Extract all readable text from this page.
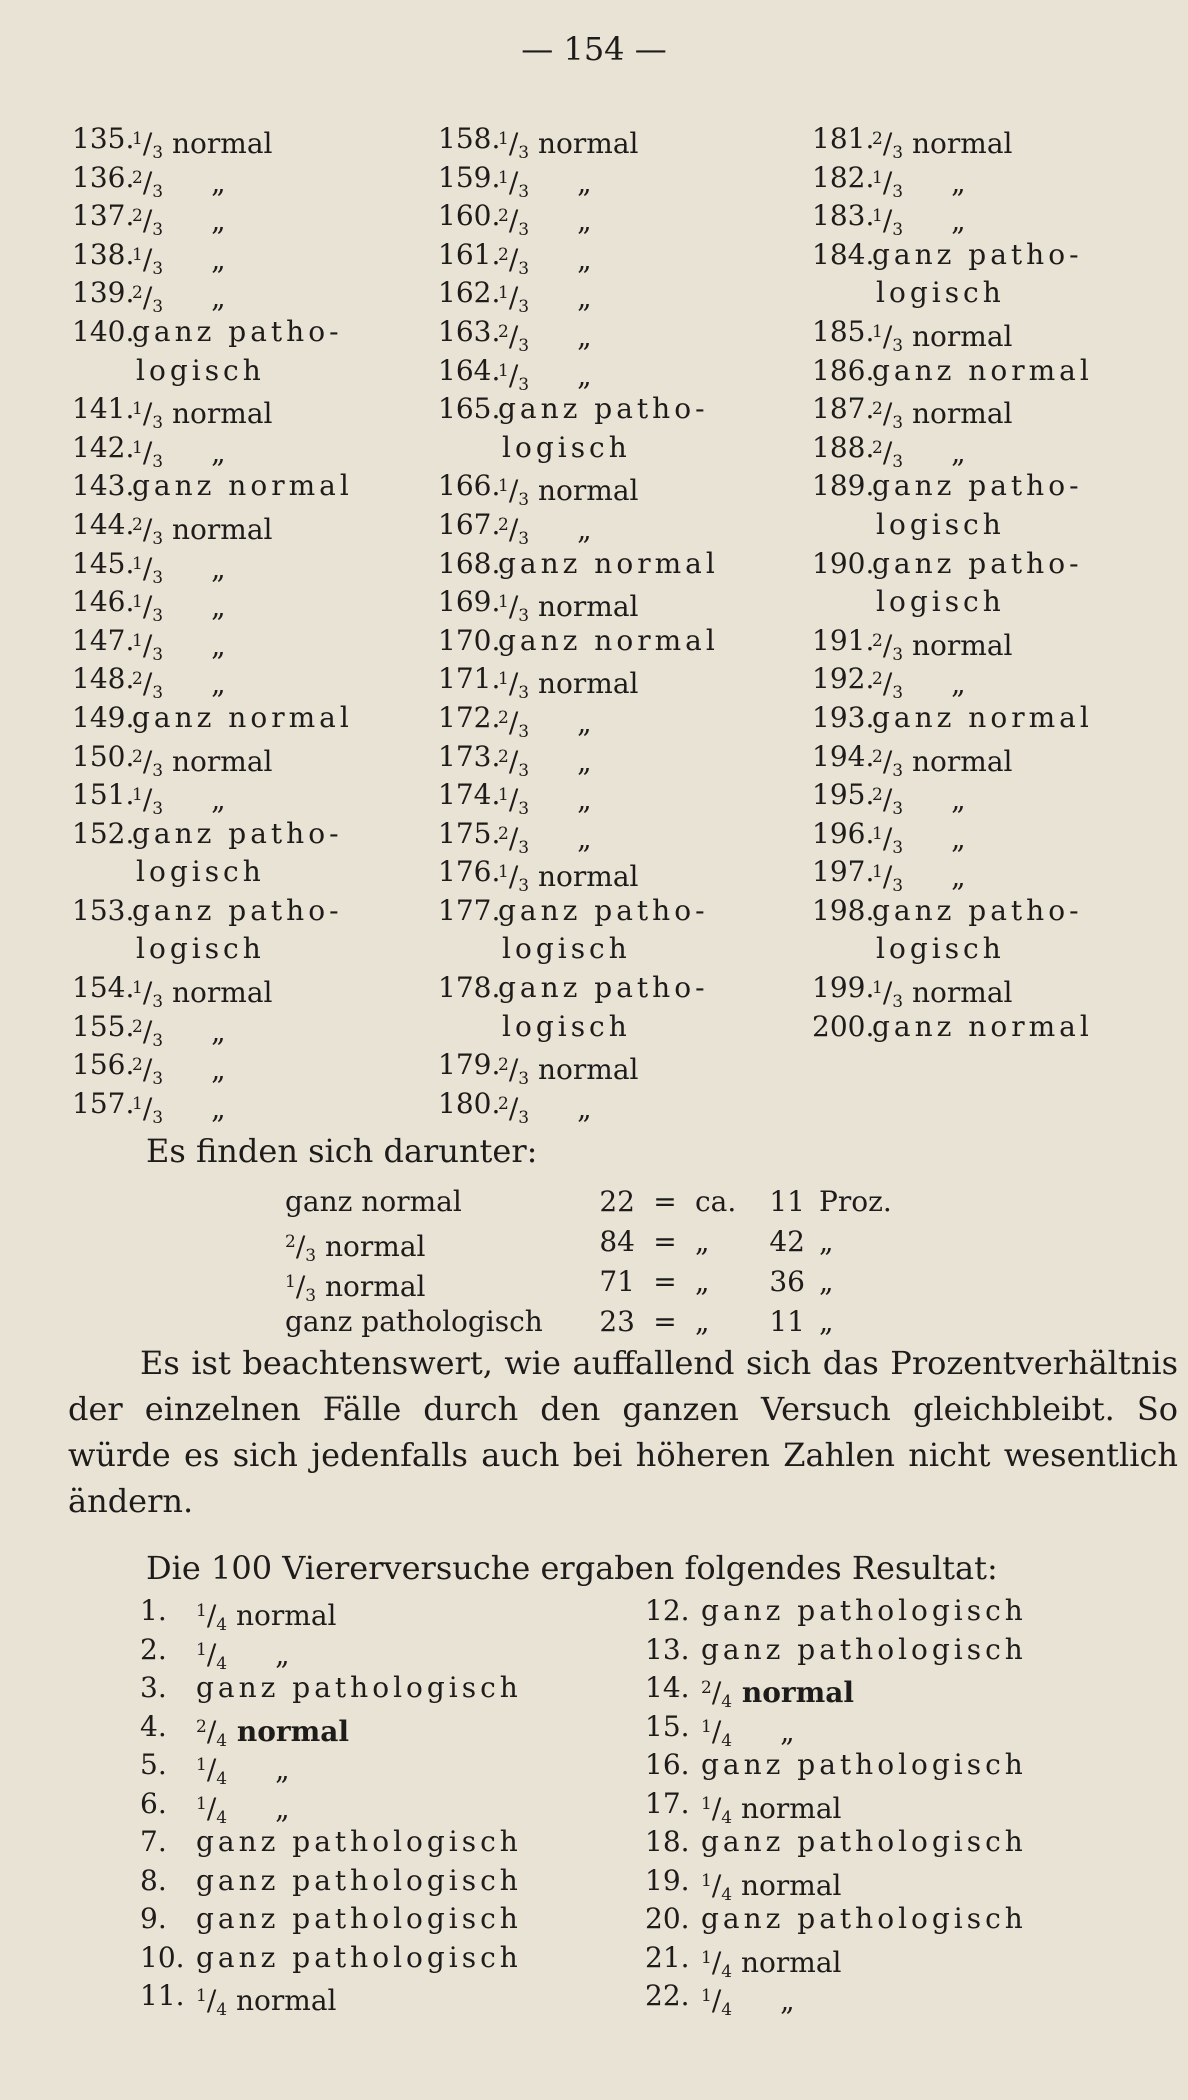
— 154 —
135.
$^1/_3$ normal
136.
$^2/_3$ „
137.
$^2/_3$ „
138.
$^1/_3$ „
139.
$^2/_3$ „
140.
ganz patho-
logisch
141.
$^1/_3$ normal
142.
$^1/_3$ „
143.
ganz normal
144.
$^2/_3$ normal
145.
$^1/_3$ „
146.
$^1/_3$ „
147.
$^1/_3$ „
148.
$^2/_3$ „
149.
ganz normal
150.
$^2/_3$ normal
151.
$^1/_3$ „
152.
ganz patho-
logisch
153.
ganz patho-
logisch
154.
$^1/_3$ normal
155.
$^2/_3$ „
156.
$^2/_3$ „
157.
$^1/_3$ „
158.
$^1/_3$ normal
159.
$^1/_3$ „
160.
$^2/_3$ „
161.
$^2/_3$ „
162.
$^1/_3$ „
163.
$^2/_3$ „
164.
$^1/_3$ „
165.
ganz patho-
logisch
166.
$^1/_3$ normal
167.
$^2/_3$ „
168.
ganz normal
169.
$^1/_3$ normal
170.
ganz normal
171.
$^1/_3$ normal
172.
$^2/_3$ „
173.
$^2/_3$ „
174.
$^1/_3$ „
175.
$^2/_3$ „
176.
$^1/_3$ normal
177.
ganz patho-
logisch
178.
ganz patho-
logisch
179.
$^2/_3$ normal
180.
$^2/_3$ „
181.
$^2/_3$ normal
182.
$^1/_3$ „
183.
$^1/_3$ „
184.
ganz patho-
logisch
185.
$^1/_3$ normal
186.
ganz normal
187.
$^2/_3$ normal
188.
$^2/_3$ „
189.
ganz patho-
logisch
190.
ganz patho-
logisch
191.
$^2/_3$ normal
192.
$^2/_3$ „
193.
ganz normal
194.
$^2/_3$ normal
195.
$^2/_3$ „
196.
$^1/_3$ „
197.
$^1/_3$ „
198.
ganz patho-
logisch
199.
$^1/_3$ normal
200.
ganz normal
Es finden sich darunter:
ganz normal	22 = ca.	11 Proz.
$^2/_3$ normal	84 = „	42 „
$^1/_3$ normal	71 = „	36 „
ganz pathologisch	23 = „	11 „
Es ist beachtenswert, wie auffallend sich das Prozentverhältnis der einzelnen Fälle durch den ganzen Versuch gleichbleibt. So würde es sich jedenfalls auch bei höheren Zahlen nicht wesentlich ändern.
Die 100 Viererversuche ergaben folgendes Resultat:
1.	$^1/_4$ normal
2.	$^1/_4$ „
3.	ganz pathologisch
4.	$^2/_4$ normal
5.	$^1/_4$ „
6.	$^1/_4$ „
7.	ganz pathologisch
8.	ganz pathologisch
9.	ganz pathologisch
10. ganz pathologisch
11. $^1/_4$ normal
12. ganz pathologisch
13. ganz pathologisch
14. $^2/_4$ normal
15. $^1/_4$ „
16. ganz pathologisch
17. $^1/_4$ normal
18. ganz pathologisch
19. $^1/_4$ normal
20. ganz pathologisch
21. $^1/_4$ normal
22. $^1/_4$ „
